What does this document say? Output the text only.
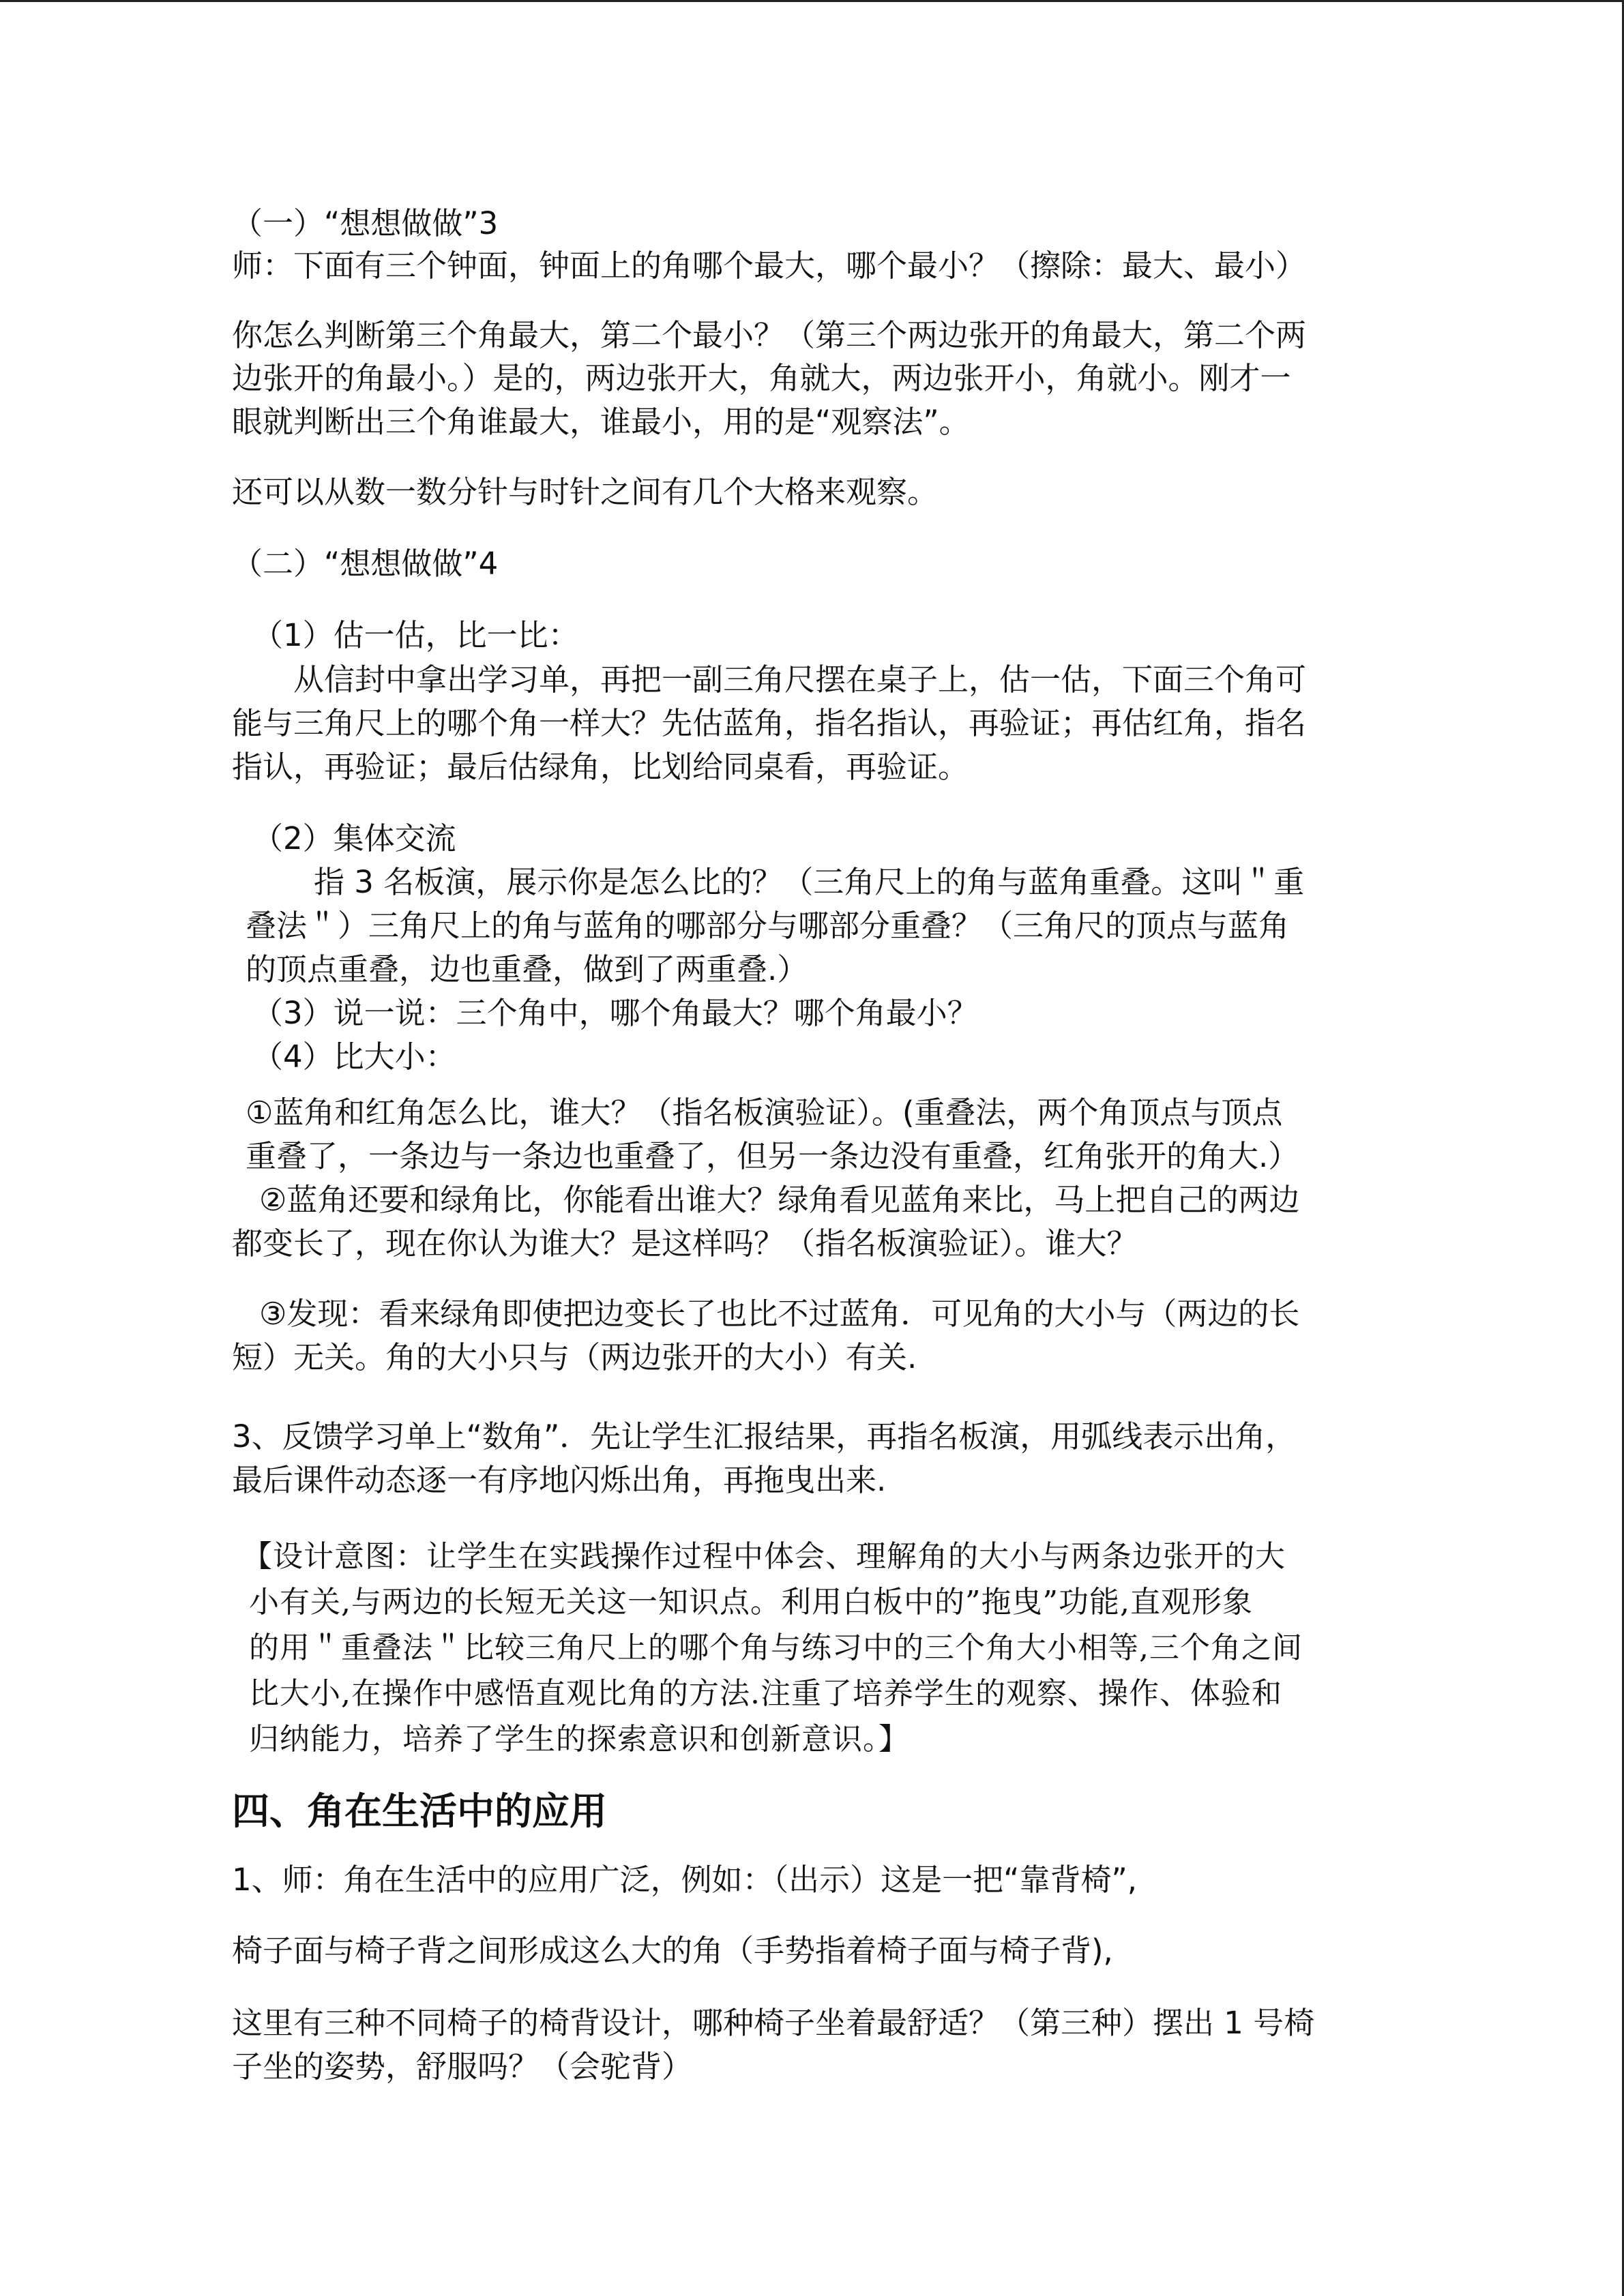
（一）“想想做做”3
师：下面有三个钟面，钟面上的角哪个最大，哪个最小？（擦除：最大、最小）
你怎么判断第三个角最大，第二个最小？（第三个两边张开的角最大，第二个两
边张开的角最小。）是的，两边张开大，角就大，两边张开小，角就小。刚才一
眼就判断出三个角谁最大，谁最小，用的是“观察法”。
还可以从数一数分针与时针之间有几个大格来观察。
（二）“想想做做”4
（1）估一估，比一比：
从信封中拿出学习单，再把一副三角尺摆在桌子上，估一估，下面三个角可
能与三角尺上的哪个角一样大？先估蓝角，指名指认，再验证；再估红角，指名
指认，再验证；最后估绿角，比划给同桌看，再验证。
（2）集体交流
指 3 名板演，展示你是怎么比的？（三角尺上的角与蓝角重叠。这叫＂重
叠法＂）三角尺上的角与蓝角的哪部分与哪部分重叠？（三角尺的顶点与蓝角
的顶点重叠，边也重叠，做到了两重叠.）
（3）说一说：三个角中，哪个角最大？哪个角最小？
（4）比大小：
①蓝角和红角怎么比，谁大？（指名板演验证）。(重叠法，两个角顶点与顶点
重叠了，一条边与一条边也重叠了，但另一条边没有重叠，红角张开的角大.）
②蓝角还要和绿角比，你能看出谁大？绿角看见蓝角来比，马上把自己的两边
都变长了，现在你认为谁大？是这样吗？（指名板演验证）。谁大？
③发现：看来绿角即使把边变长了也比不过蓝角．可见角的大小与（两边的长
短）无关。角的大小只与（两边张开的大小）有关.
3、反馈学习单上“数角”．先让学生汇报结果，再指名板演，用弧线表示出角，
最后课件动态逐一有序地闪烁出角，再拖曳出来.
【设计意图：让学生在实践操作过程中体会、理解角的大小与两条边张开的大
小有关,与两边的长短无关这一知识点。利用白板中的”拖曳”功能,直观形象
的用＂重叠法＂比较三角尺上的哪个角与练习中的三个角大小相等,三个角之间
比大小,在操作中感悟直观比角的方法.注重了培养学生的观察、操作、体验和
归纳能力，培养了学生的探索意识和创新意识。】
四、角在生活中的应用
1、师：角在生活中的应用广泛，例如：（出示）这是一把“靠背椅”,
椅子面与椅子背之间形成这么大的角（手势指着椅子面与椅子背),
这里有三种不同椅子的椅背设计，哪种椅子坐着最舒适？（第三种）摆出 1 号椅
子坐的姿势，舒服吗？（会驼背）
